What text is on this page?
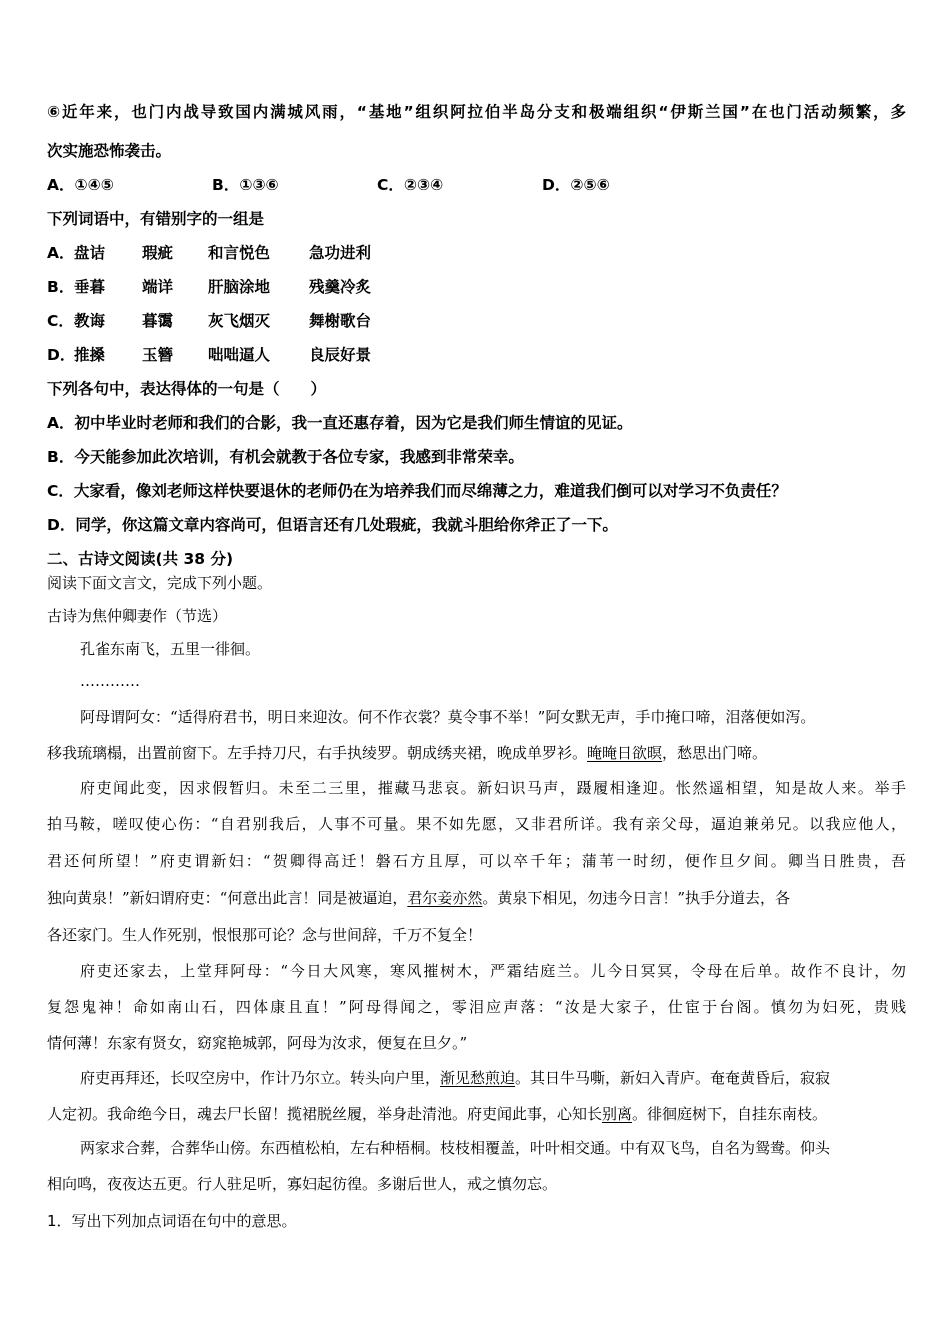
⑥近年来，也门内战导致国内满城风雨，“基地”组织阿拉伯半岛分支和极端组织“伊斯兰国”在也门活动频繁，多
次实施恐怖袭击。
A．①④⑤	B．①③⑥	C．②③④	D．②⑤⑥
下列词语中，有错别字的一组是
A．盘诘 瑕疵 和言悦色	急功进利
B．垂暮 端详 肝脑涂地	残羹冷炙
C．教诲 暮霭 灰飞烟灭	舞榭歌台
D．推搡 玉簪 咄咄逼人	良辰好景
下列各句中，表达得体的一句是（　　）
A．初中毕业时老师和我们的合影，我一直还惠存着，因为它是我们师生情谊的见证。
B．今天能参加此次培训，有机会就教于各位专家，我感到非常荣幸。
C．大家看，像刘老师这样快要退休的老师仍在为培养我们而尽绵薄之力，难道我们倒可以对学习不负责任？
D．同学，你这篇文章内容尚可，但语言还有几处瑕疵，我就斗胆给你斧正了一下。
二、古诗文阅读(共 38 分)
阅读下面文言文，完成下列小题。
古诗为焦仲卿妻作（节选）
孔雀东南飞，五里一徘徊。
…………
阿母谓阿女：“适得府君书，明日来迎汝。何不作衣裳？莫令事不举！”阿女默无声，手巾掩口啼，泪落便如泻。
移我琉璃榻，出置前窗下。左手持刀尺，右手执绫罗。朝成绣夹裙，晚成单罗衫。晻晻日欲暝，愁思出门啼。
府吏闻此变，因求假暂归。未至二三里，摧藏马悲哀。新妇识马声，蹑履相逢迎。怅然遥相望，知是故人来。举手
拍马鞍，嗟叹使心伤：“自君别我后，人事不可量。果不如先愿，又非君所详。我有亲父母，逼迫兼弟兄。以我应他人，
君还何所望！”府吏谓新妇：“贺卿得高迁！磐石方且厚，可以卒千年；蒲苇一时纫，便作旦夕间。卿当日胜贵，吾
独向黄泉！”新妇谓府吏：“何意出此言！同是被逼迫，君尔妾亦然。黄泉下相见，勿违今日言！”执手分道去，各
各还家门。生人作死别，恨恨那可论？念与世间辞，千万不复全！
府吏还家去，上堂拜阿母：“今日大风寒，寒风摧树木，严霜结庭兰。儿今日冥冥，令母在后单。故作不良计，勿
复怨鬼神！命如南山石，四体康且直！”阿母得闻之，零泪应声落：“汝是大家子，仕宦于台阁。慎勿为妇死，贵贱
情何薄！东家有贤女，窈窕艳城郭，阿母为汝求，便复在旦夕。”
府吏再拜还，长叹空房中，作计乃尔立。转头向户里，渐见愁煎迫。其日牛马嘶，新妇入青庐。奄奄黄昏后，寂寂
人定初。我命绝今日，魂去尸长留！揽裙脱丝履，举身赴清池。府吏闻此事，心知长别离。徘徊庭树下，自挂东南枝。
两家求合葬，合葬华山傍。东西植松柏，左右种梧桐。枝枝相覆盖，叶叶相交通。中有双飞鸟，自名为鸳鸯。仰头
相向鸣，夜夜达五更。行人驻足听，寡妇起彷徨。多谢后世人，戒之慎勿忘。
1．写出下列加点词语在句中的意思。
